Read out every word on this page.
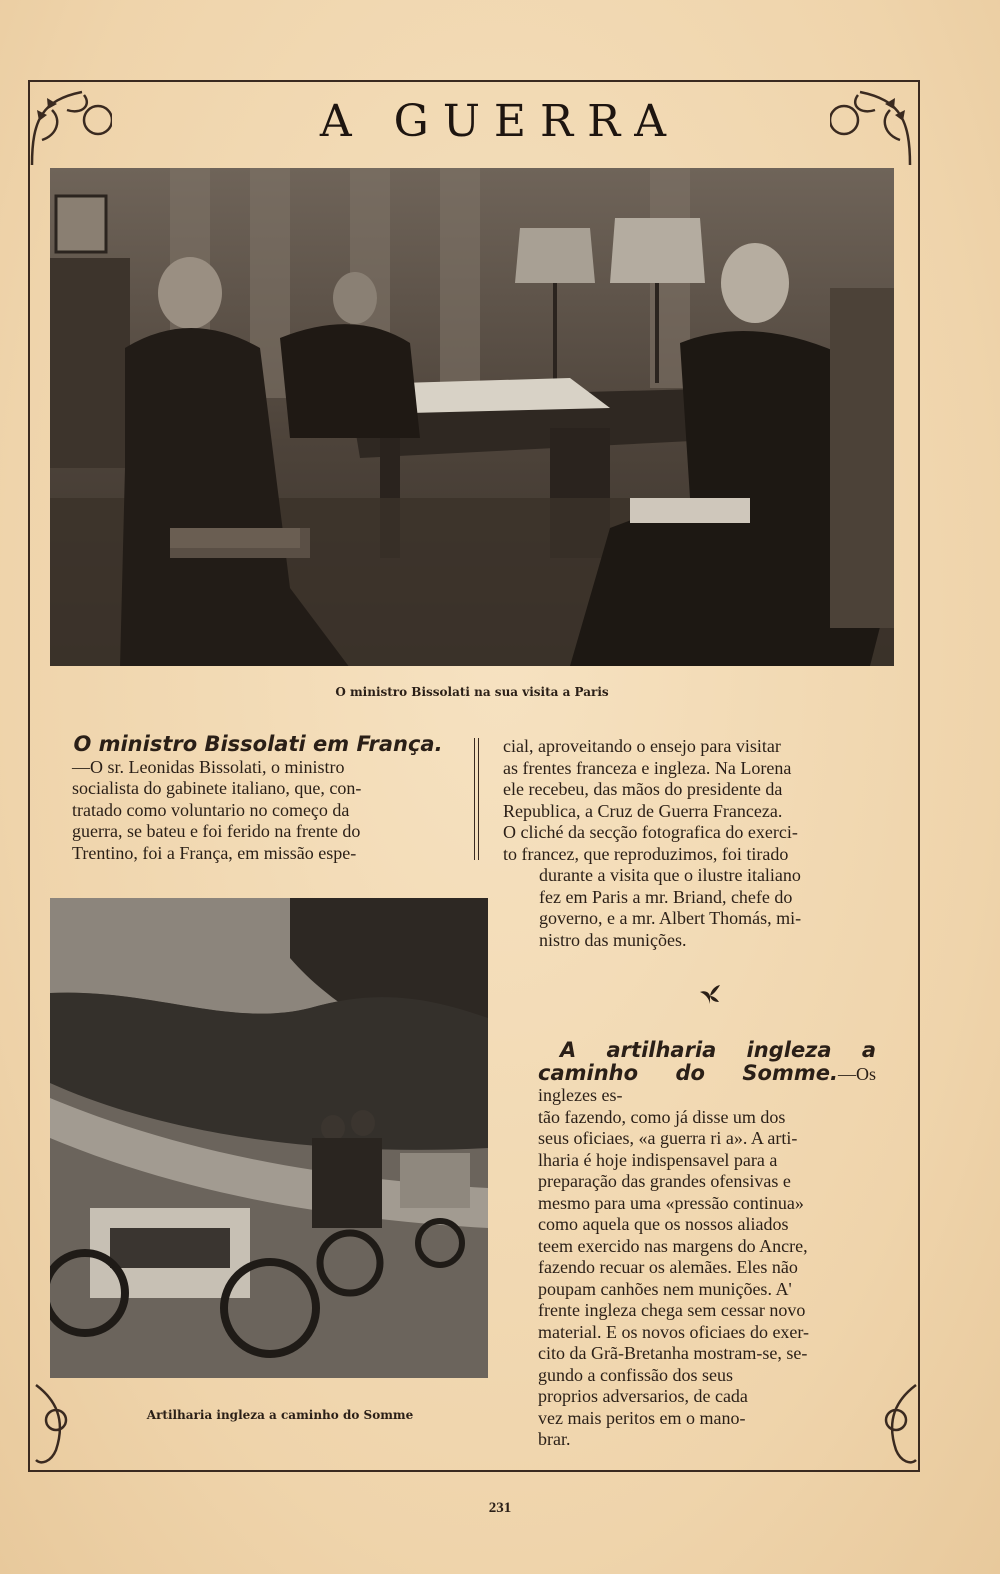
A GUERRA
O ministro Bissolati na sua visita a Paris
O ministro Bissolati em França.
—O sr. Leonidas Bissolati, o ministro
socialista do gabinete italiano, que, con-
tratado como voluntario no começo da
guerra, se bateu e foi ferido na frente do
Trentino, foi a França, em missão espe-
cial, aproveitando o ensejo para visitar
as frentes franceza e ingleza. Na Lorena
ele recebeu, das mãos do presidente da
Republica, a Cruz de Guerra Franceza.
O cliché da secção fotografica do exerci-
to francez, que reproduzimos, foi tirado
durante a visita que o ilustre italiano
fez em Paris a mr. Briand, chefe do
governo, e a mr. Albert Thomás, mi-
nistro das munições.
Artilharia ingleza a caminho do Somme
A artilharia ingleza a caminho do Somme.—Os inglezes es-
tão fazendo, como já disse um dos
seus oficiaes, «a guerra ri a». A arti-
lharia é hoje indispensavel para a
preparação das grandes ofensivas e
mesmo para uma «pressão continua»
como aquela que os nossos aliados
teem exercido nas margens do Ancre,
fazendo recuar os alemães. Eles não
poupam canhões nem munições. A'
frente ingleza chega sem cessar novo
material. E os novos oficiaes do exer-
cito da Grã-Bretanha mostram-se, se-
gundo a confissão dos seus
proprios adversarios, de cada
vez mais peritos em o mano-
brar.
231
